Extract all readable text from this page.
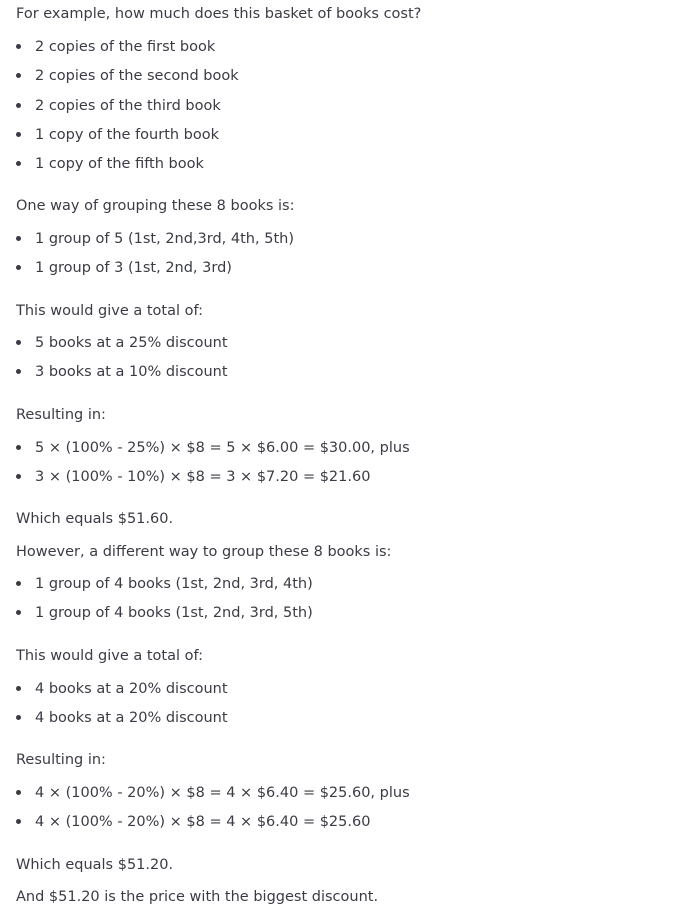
For example, how much does this basket of books cost?

2 copies of the first book
2 copies of the second book
2 copies of the third book
1 copy of the fourth book
1 copy of the fifth book

One way of grouping these 8 books is:

1 group of 5 (1st, 2nd,3rd, 4th, 5th)
1 group of 3 (1st, 2nd, 3rd)

This would give a total of:

5 books at a 25% discount
3 books at a 10% discount

Resulting in:

5 × (100% - 25%) × $8 = 5 × $6.00 = $30.00, plus
3 × (100% - 10%) × $8 = 3 × $7.20 = $21.60

Which equals $51.60.

However, a different way to group these 8 books is:

1 group of 4 books (1st, 2nd, 3rd, 4th)
1 group of 4 books (1st, 2nd, 3rd, 5th)

This would give a total of:

4 books at a 20% discount
4 books at a 20% discount

Resulting in:

4 × (100% - 20%) × $8 = 4 × $6.40 = $25.60, plus
4 × (100% - 20%) × $8 = 4 × $6.40 = $25.60

Which equals $51.20.

And $51.20 is the price with the biggest discount.
